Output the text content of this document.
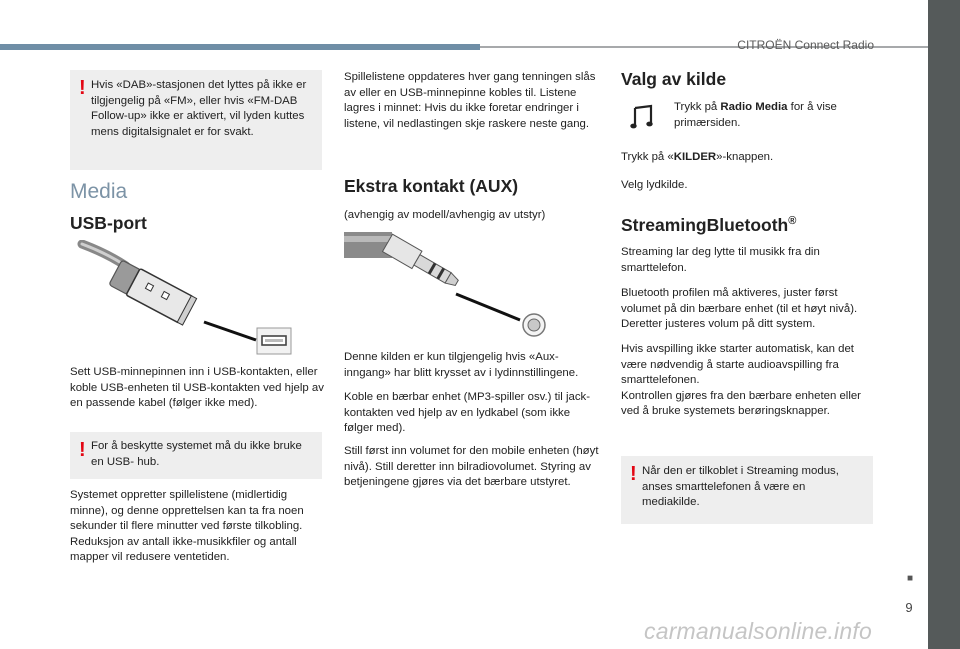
CITROËN Connect Radio
! Hvis «DAB»-stasjonen det lyttes på ikke er tilgjengelig på «FM», eller hvis «FM-DAB Follow-up» ikke er aktivert, vil lyden kuttes mens digitalsignalet er for svakt.

Media
USB-port

Sett USB-minnepinnen inn i USB-kontakten, eller koble USB-enheten til USB-kontakten ved hjelp av en passende kabel (følger ikke med).

! For å beskytte systemet må du ikke bruke en USB- hub.

Systemet oppretter spillelistene (midlertidig minne), og denne opprettelsen kan ta fra noen sekunder til flere minutter ved første tilkobling. Reduksjon av antall ikke-musikkfiler og antall mapper vil redusere ventetiden.

Spillelistene oppdateres hver gang tenningen slås av eller en USB-minnepinne kobles til. Listene lagres i minnet: Hvis du ikke foretar endringer i listene, vil nedlastingen skje raskere neste gang.

Ekstra kontakt (AUX)

(avhengig av modell/avhengig av utstyr)

Denne kilden er kun tilgjengelig hvis «Aux-inngang» har blitt krysset av i lydinnstillingene.

Koble en bærbar enhet (MP3-spiller osv.) til jack-kontakten ved hjelp av en lydkabel (som ikke følger med).

Still først inn volumet for den mobile enheten (høyt nivå). Still deretter inn bilradiovolumet. Styring av betjeningene gjøres via det bærbare utstyret.

Valg av kilde

Trykk på Radio Media for å vise primærsiden.

Trykk på «KILDER»-knappen.

Velg lydkilde.

StreamingBluetooth®

Streaming lar deg lytte til musikk fra din smarttelefon.

Bluetooth profilen må aktiveres, juster først volumet på din bærbare enhet (til et høyt nivå). Deretter justeres volum på ditt system.

Hvis avspilling ikke starter automatisk, kan det være nødvendig å starte audioavspilling fra smarttelefonen.
Kontrollen gjøres fra den bærbare enheten eller ved å bruke systemets berøringsknapper.

! Når den er tilkoblet i Streaming modus, anses smarttelefonen å være en mediakilde.

■
9
carmanualsonline.info
